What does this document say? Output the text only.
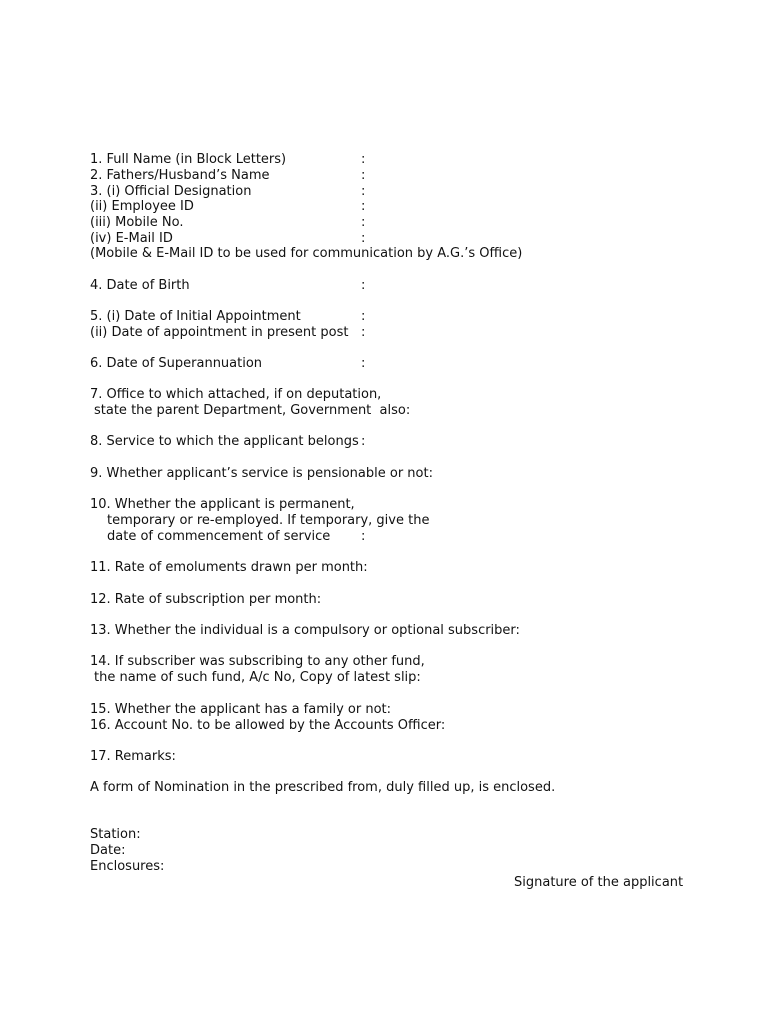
1. Full Name (in Block Letters)	:
2. Fathers/Husband’s Name	:
3. (i) Official Designation	:
(ii) Employee ID	:
(iii) Mobile No.	:
(iv) E-Mail ID	:
(Mobile & E-Mail ID to be used for communication by A.G.’s Office)
4. Date of Birth	:
5. (i) Date of Initial Appointment	:
(ii) Date of appointment in present post :
6. Date of Superannuation	:
7. Office to which attached, if on deputation,
state the parent Department, Government  also:
8. Service to which the applicant belongs :
9. Whether applicant’s service is pensionable or not:
10. Whether the applicant is permanent,
temporary or re-employed. If temporary, give the
date of commencement of service :
11. Rate of emoluments drawn per month:
12. Rate of subscription per month:
13. Whether the individual is a compulsory or optional subscriber:
14. If subscriber was subscribing to any other fund,
the name of such fund, A/c No, Copy of latest slip:
15. Whether the applicant has a family or not:
16. Account No. to be allowed by the Accounts Officer:
17. Remarks:
A form of Nomination in the prescribed from, duly filled up, is enclosed.
Station:
Date:
Enclosures:
Signature of the applicant
